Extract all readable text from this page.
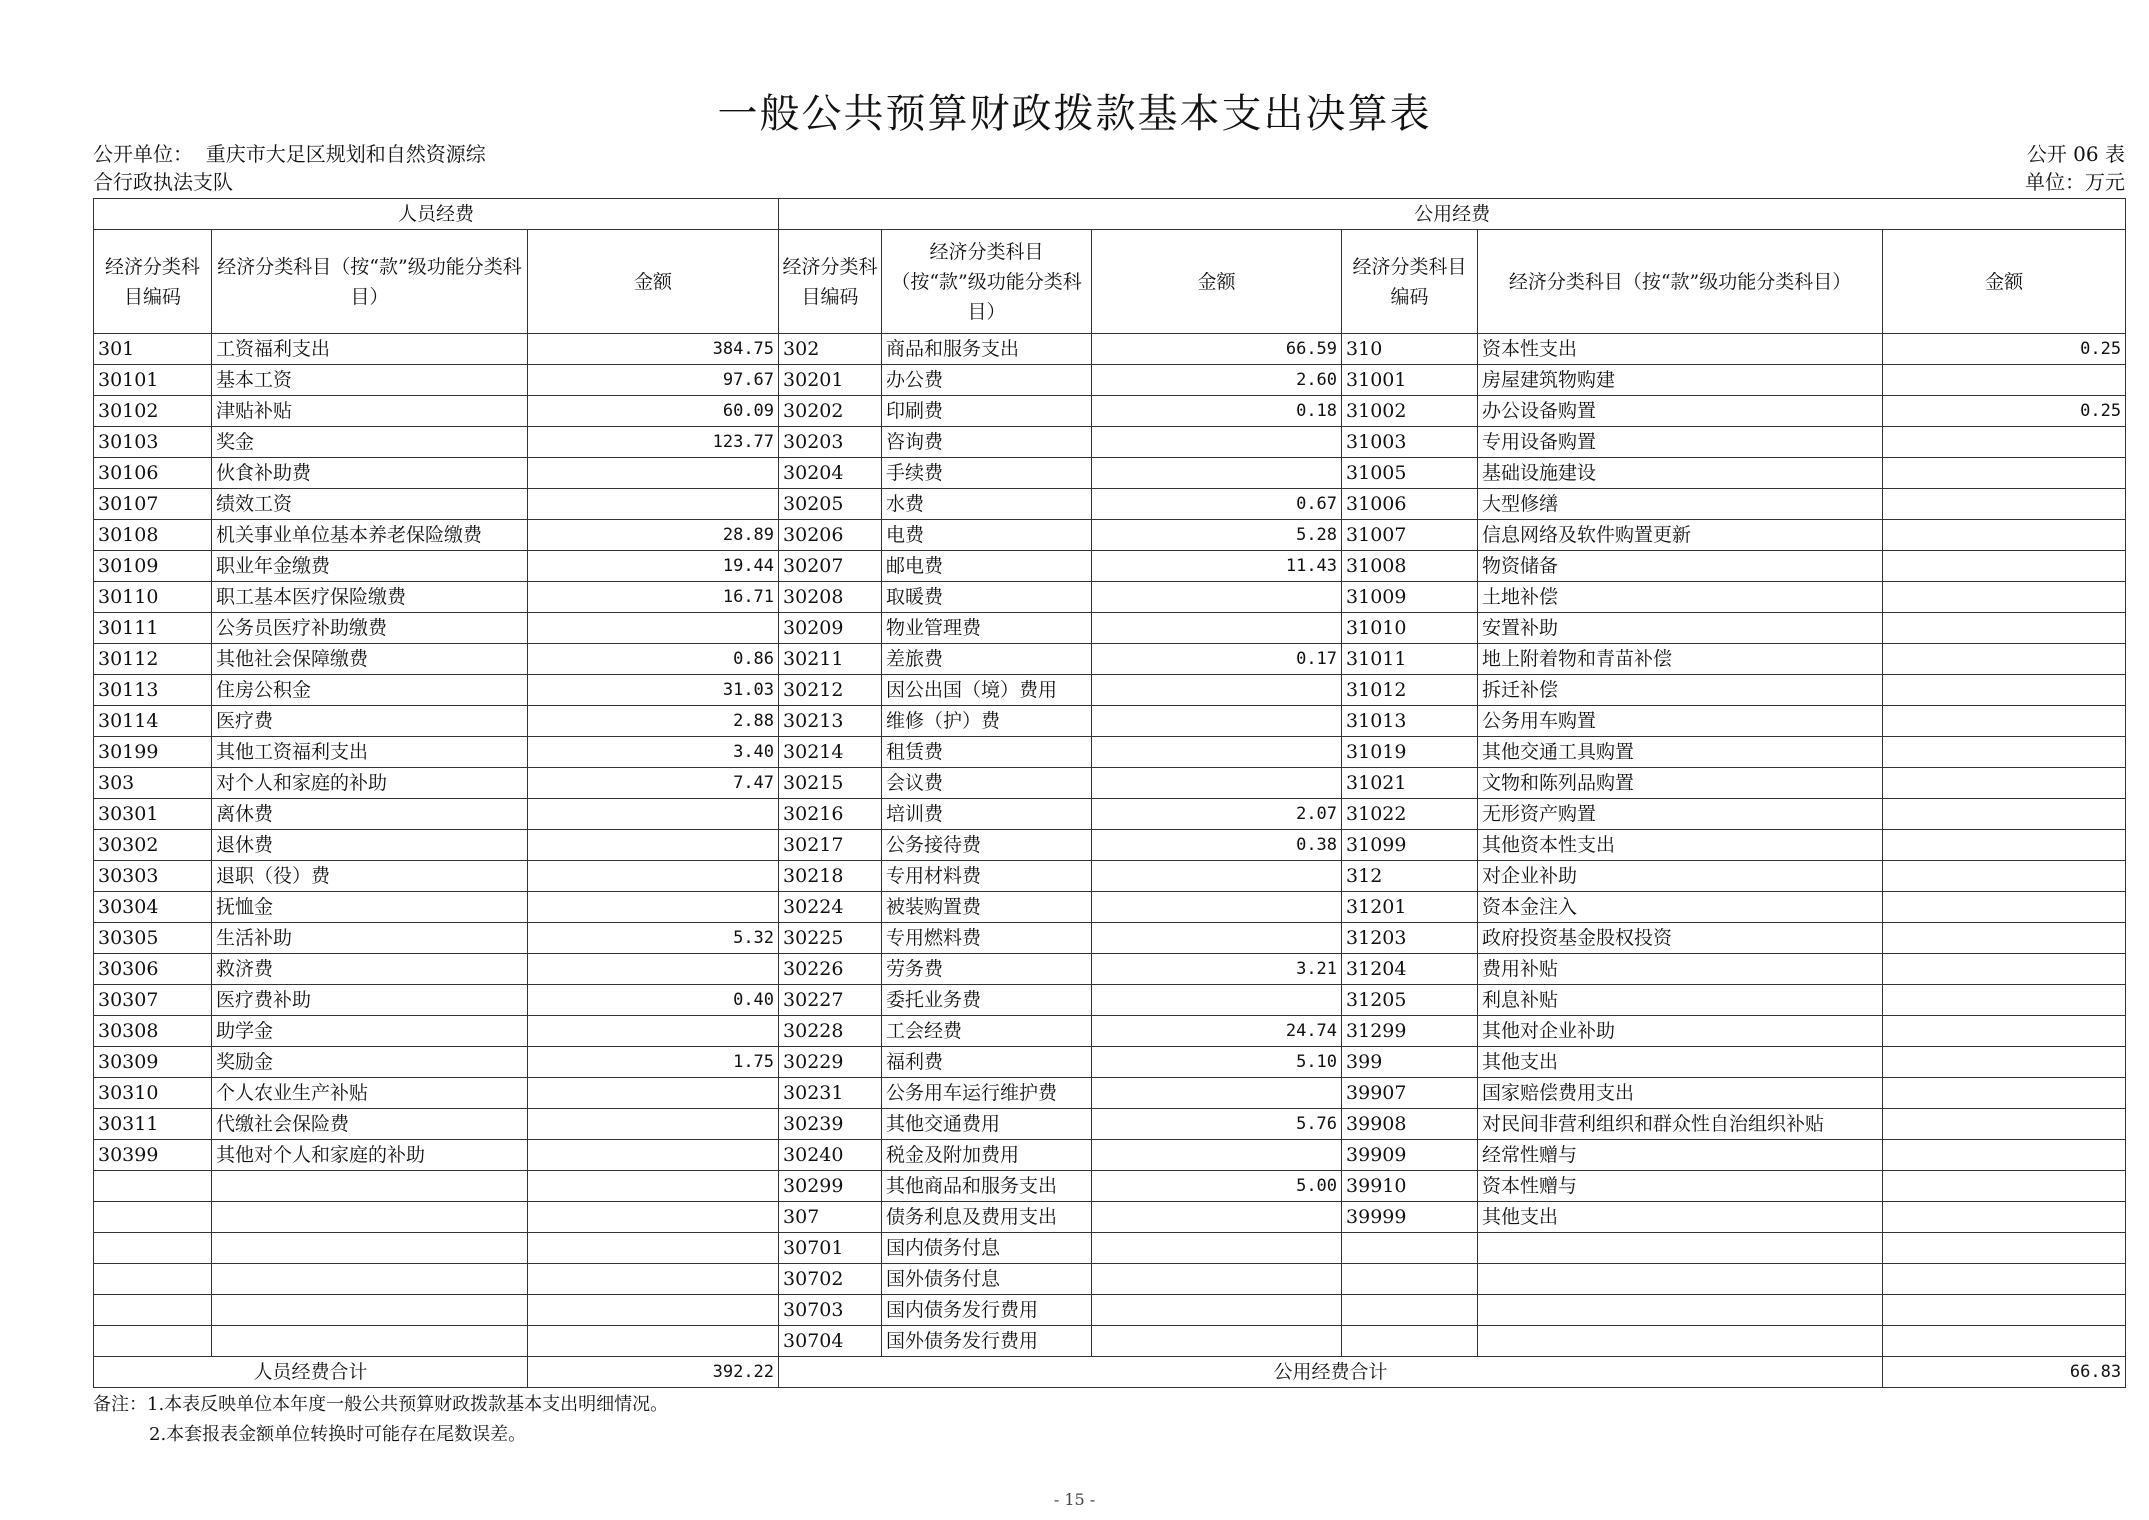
一般公共预算财政拨款基本支出决算表
公开单位： 重庆市大足区规划和自然资源综
合行政执法支队
公开 06 表
单位：万元
人员经费			公用经费					
经济分类科目编码	经济分类科目（按“款”级功能分类科目）	金额	经济分类科目编码	经济分类科目（按“款”级功能分类科目）	金额	经济分类科目编码	经济分类科目（按“款”级功能分类科目）	金额
301	工资福利支出	384.75	302	商品和服务支出	66.59	310	资本性支出	0.25
30101	基本工资	97.67	30201	办公费	2.60	31001	房屋建筑物购建	
30102	津贴补贴	60.09	30202	印刷费	0.18	31002	办公设备购置	0.25
30103	奖金	123.77	30203	咨询费		31003	专用设备购置	
30106	伙食补助费		30204	手续费		31005	基础设施建设	
30107	绩效工资		30205	水费	0.67	31006	大型修缮	
30108	机关事业单位基本养老保险缴费	28.89	30206	电费	5.28	31007	信息网络及软件购置更新	
30109	职业年金缴费	19.44	30207	邮电费	11.43	31008	物资储备	
30110	职工基本医疗保险缴费	16.71	30208	取暖费		31009	土地补偿	
30111	公务员医疗补助缴费		30209	物业管理费		31010	安置补助	
30112	其他社会保障缴费	0.86	30211	差旅费	0.17	31011	地上附着物和青苗补偿	
30113	住房公积金	31.03	30212	因公出国（境）费用		31012	拆迁补偿	
30114	医疗费	2.88	30213	维修（护）费		31013	公务用车购置	
30199	其他工资福利支出	3.40	30214	租赁费		31019	其他交通工具购置	
303	对个人和家庭的补助	7.47	30215	会议费		31021	文物和陈列品购置	
30301	离休费		30216	培训费	2.07	31022	无形资产购置	
30302	退休费		30217	公务接待费	0.38	31099	其他资本性支出	
30303	退职（役）费		30218	专用材料费		312	对企业补助	
30304	抚恤金		30224	被装购置费		31201	资本金注入	
30305	生活补助	5.32	30225	专用燃料费		31203	政府投资基金股权投资	
30306	救济费		30226	劳务费	3.21	31204	费用补贴	
30307	医疗费补助	0.40	30227	委托业务费		31205	利息补贴	
30308	助学金		30228	工会经费	24.74	31299	其他对企业补助	
30309	奖励金	1.75	30229	福利费	5.10	399	其他支出	
30310	个人农业生产补贴		30231	公务用车运行维护费		39907	国家赔偿费用支出	
30311	代缴社会保险费		30239	其他交通费用	5.76	39908	对民间非营利组织和群众性自治组织补贴	
30399	其他对个人和家庭的补助		30240	税金及附加费用		39909	经常性赠与	
			30299	其他商品和服务支出	5.00	39910	资本性赠与	
			307	债务利息及费用支出		39999	其他支出	
			30701	国内债务付息				
			30702	国外债务付息				
			30703	国内债务发行费用				
			30704	国外债务发行费用				
人员经费合计		392.22	公用经费合计					66.83
备注：1.本表反映单位本年度一般公共预算财政拨款基本支出明细情况。
2.本套报表金额单位转换时可能存在尾数误差。
- 15 -
